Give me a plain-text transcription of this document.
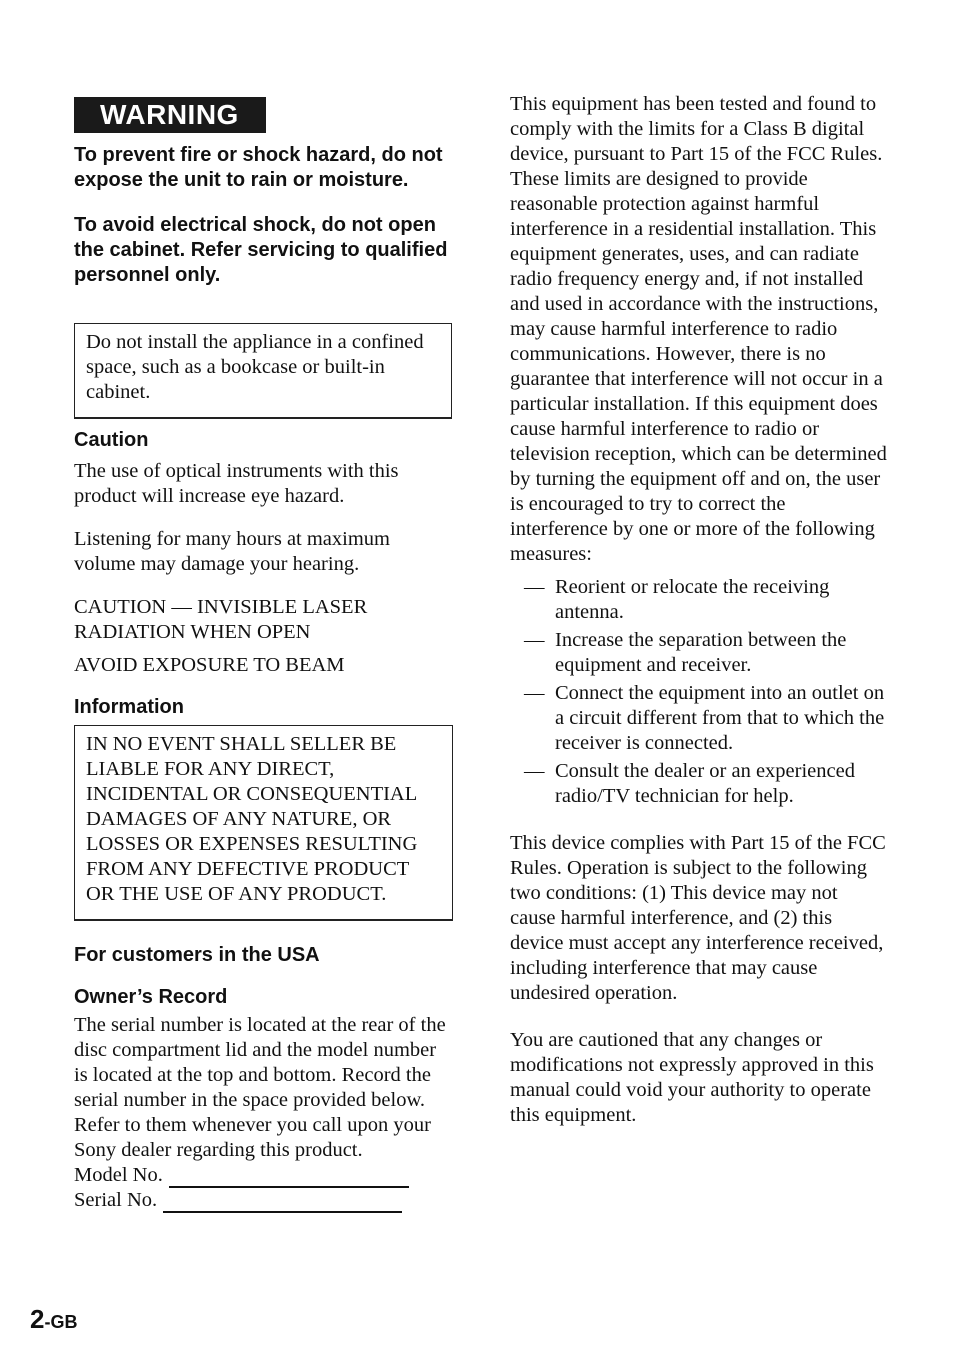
WARNING

To prevent fire or shock hazard, do not expose the unit to rain or moisture.

To avoid electrical shock, do not open the cabinet. Refer servicing to qualified personnel only.

Do not install the appliance in a confined space, such as a bookcase or built-in cabinet.

Caution

The use of optical instruments with this product will increase eye hazard.

Listening for many hours at maximum volume may damage your hearing.

CAUTION — INVISIBLE LASER RADIATION WHEN OPEN

AVOID EXPOSURE TO BEAM

Information

IN NO EVENT SHALL SELLER BE LIABLE FOR ANY DIRECT, INCIDENTAL OR CONSEQUENTIAL DAMAGES OF ANY NATURE, OR LOSSES OR EXPENSES RESULTING FROM ANY DEFECTIVE PRODUCT OR THE USE OF ANY PRODUCT.

For customers in the USA
Owner’s Record

The serial number is located at the rear of the disc compartment lid and the model number is located at the top and bottom. Record the serial number in the space provided below. Refer to them whenever you call upon your Sony dealer regarding this product.

Model No.
Serial No.
2-GB

This equipment has been tested and found to comply with the limits for a Class B digital device, pursuant to Part 15 of the FCC Rules. These limits are designed to provide reasonable protection against harmful interference in a residential installation. This equipment generates, uses, and can radiate radio frequency energy and, if not installed and used in accordance with the instructions, may cause harmful interference to radio communications. However, there is no guarantee that interference will not occur in a particular installation. If this equipment does cause harmful interference to radio or television reception, which can be determined by turning the equipment off and on, the user is encouraged to try to correct the interference by one or more of the following measures:

— Reorient or relocate the receiving antenna.
— Increase the separation between the equipment and receiver.
— Connect the equipment into an outlet on a circuit different from that to which the receiver is connected.
— Consult the dealer or an experienced radio/TV technician for help.

This device complies with Part 15 of the FCC Rules. Operation is subject to the following two conditions: (1) This device may not cause harmful interference, and (2) this device must accept any interference received, including interference that may cause undesired operation.

You are cautioned that any changes or modifications not expressly approved in this manual could void your authority to operate this equipment.
